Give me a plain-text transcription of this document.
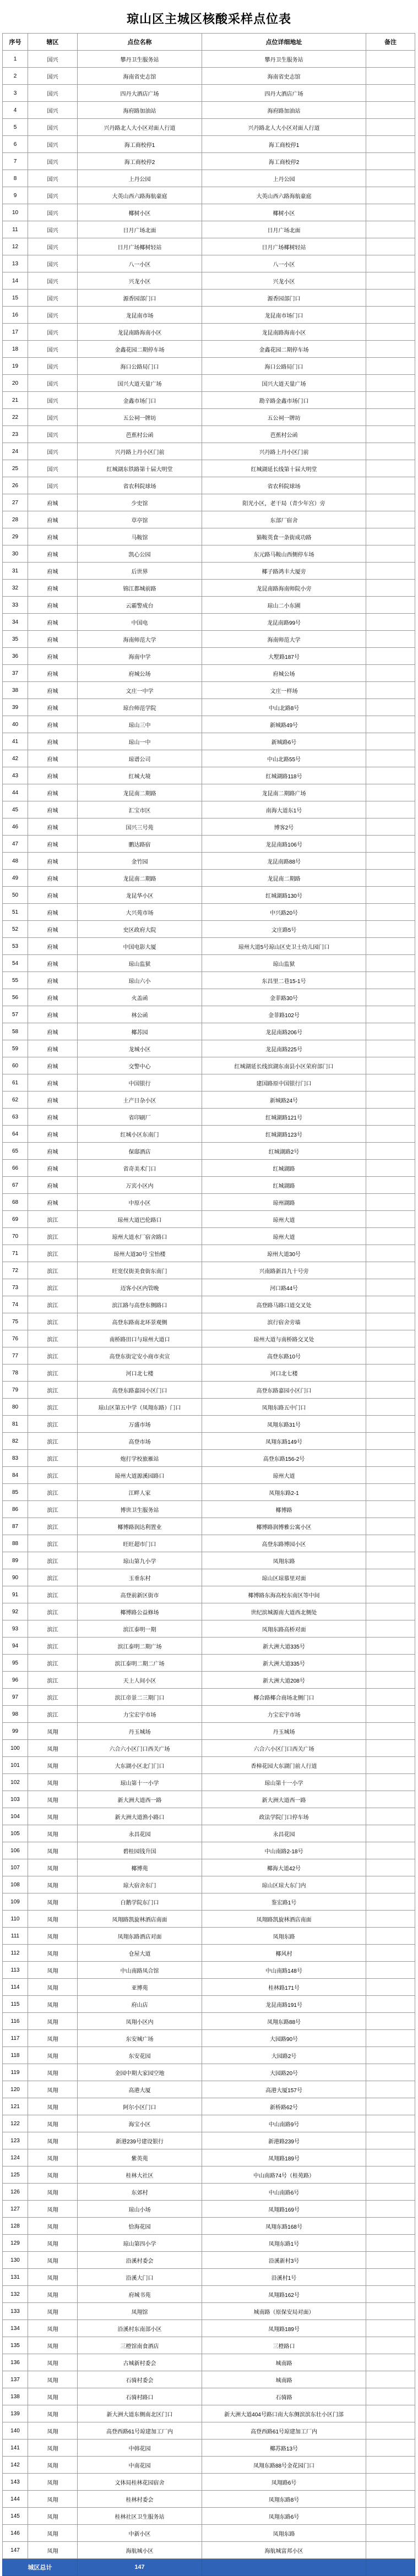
琼山区主城区核酸采样点位表
序号	辖区	点位名称	点位详细地址	备注
1	国兴	攀丹卫生服务站	攀丹卫生服务站	
2	国兴	海南省史志馆	海南省史志馆	
3	国兴	四丹大酒店广场	四丹大酒店广场	
4	国兴	海府路加油站	海府路加油站	
5	国兴	兴丹路北人大小区对面人行道	兴丹路北人大小区对面人行道	
6	国兴	海工商校停1	海工商校停1	
7	国兴	海工商校停2	海工商校停2	
8	国兴	上丹公园	上丹公园	
9	国兴	大英山西六路海航豪庭	大英山西六路海航豪庭	
10	国兴	椰树小区	椰树小区	
11	国兴	日月广场北面	日月广场北面	
12	国兴	日月广场椰树轻站	日月广场椰树轻站	
13	国兴	八一小区	八一小区	
14	国兴	兴龙小区	兴龙小区	
15	国兴	源香园部门口	源香园部门口	
16	国兴	龙昆南市场	龙昆南市场门口	
17	国兴	龙昆南路海南小区	龙昆南路海南小区	
18	国兴	金鑫花园二期停车场	金鑫花园二期停车场	
19	国兴	海口公路局门口	海口公路局门口	
20	国兴	国兴大道天量广场	国兴大道天量广场	
21	国兴	金鑫市场门口	勘辛路金鑫市场门口	
22	国兴	五公祠一牌坊	五公祠一牌坊	
23	国兴	芭蕉村公函	芭蕉村公函	
24	国兴	兴丹路上丹小区门前	兴丹路上丹小区门前	
25	国兴	红城湖东铁路第十届大明堂	红城湖延长线第十届大明堂	
26	国兴	省农科院球场	省农科院球场	
27	府城	少史馆	阳光小区，老干局（青少年宫）旁	
28	府城	草亭馆	东部厂宿舍	
29	府城	马鞍馆	猫鞍英食一条街成功路	
30	府城	凯心公园	东元路马鞍山西侧停车场	
31	府城	后世界	椰子路鸿丰大厦旁	
32	府城	锦江都城前路	龙昆南路海南师院小旁	
33	府城	云霸警成台	琼山二小东圃	
34	府城	中国电	龙昆南路99号	
35	府城	海南师范大学	海南师范大学	
36	府城	海南中学	大墅路187号	
37	府城	府城公场	府城公场	
38	府城	文庄一中学	文庄一样场	
39	府城	琼台师范学院	中山北路8号	
40	府城	琼山三中	新城路49号	
41	府城	琼山一中	新城路6号	
42	府城	琼谱公司	中山北路55号	
43	府城	红城大境	红城湖路118号	
44	府城	龙昆南二期路	龙昆南二期路广场	
45	府城	汇宝市区	南海大道东1号	
46	府城	国兴三号苑	博客2号	
47	府城	鹏达路宿	龙昆南路106号	
48	府城	金竹园	龙昆南路88号	
49	府城	龙昆南二期路	龙昆南二期路	
50	府城	龙昆华小区	红城湖路130号	
51	府城	大兴苑市场	中兴路20号	
52	府城	史区政府大院	文庄路5号	
53	府城	中国电影大厦	琼州大道5号琼山区史卫士幼儿园门口	
54	府城	琼山监狱	琼山监狱	
55	府城	琼山六小	东昌里二巷15-1号	
56	府城	火盖函	金菲路30号	
57	府城	林公函	金菲路102号	
58	府城	椰苏园	龙昆南路206号	
59	府城	龙城小区	龙昆南路225号	
60	府城	交警中心	红城湖延长线滨湖东南县小区荣府部门口	
61	府城	中国银行	建国路原中国银行门口	
62	府城	土产日杂小区	新城路24号	
63	府城	省印刷厂	红城湖路121号	
64	府城	红城小区东南门	红城湖路123号	
65	府城	保邸酒店	红城湖路2号	
66	府城	省奇美术门口	红城湖路	
67	府城	万宾小区内	红城湖路	
68	府城	中原小区	琼州湖路	
69	滨江	琼州大道巴伦路口	琼州大道	
70	滨江	琼州大道水厂宿舍路口	琼州大道	
71	滨江	琼州大道30号 宝怡楼	琼州大道30号	
72	滨江	旺宽仅街美食街东南门	兴南路新昌九十号旁	
73	滨江	迈客小区内管晚	河口路44号	
74	滨江	滨江路与高登东侧路口	高登路马路口道交叉处	
75	滨江	高登东路南北环景观侧	滨行宿舍旁墙	
76	滨江	南桥路田口与琼州大道口	琼州大道与南桥路交叉处	
77	滨江	高登东街定安小商市卖宣	高登东路10号	
78	滨江	河口北七楼	河口北七楼	
79	滨江	高登东路嘉园小区门口	高登东路嘉园小区门口	
80	滨江	琼山区第五中学（凤翔东路）门口	凤翔东路五中门口	
81	滨江	万盛市场	凤翔东路31号	
82	滨江	高登市场	凤翔东路149号	
83	滨江	炮打学校旅雁站	高登东路156-2号	
84	滨江	琼州大道源溪园路口	琼州大道	
85	滨江	江畔人家	凤翔东路2-1	
86	滨江	博世卫生服务站	椰博路	
87	滨江	椰博路润达利置业	椰博路润博雅公寓小区	
88	滨江	旺旺超市门口	高登东路博园小区	
89	滨江	琼山第九小学	凤翔东路	
90	滨江	玉垂东村	琼山区琼慕里对面	
91	滨江	高登前新区街市	椰博路东海高校东南区等中间	
92	滨江	椰博路公益修场	世纪滨城源南大道西北侧处	
93	滨江	滨江泰明一期	凤翔东路高桥对面	
94	滨江	滨江泰明二期广场	新大洲大道335号	
95	滨江	滨江泰明二期二广场	新大洲大道335号	
96	滨江	天上人间小区	新大洲大道208号	
97	滨江	滨江帝景二三期门口	椰合路椰合商场北侧门口	
98	滨江	力宝宏宇市场	力宝宏宇市场	
99	凤翔	丹玉城场	丹玉城场	
100	凤翔	六合六小区门口西关广场	六合六小区门口西关广场	
101	凤翔	大东湖小区北门门口	香樟花园大东湖门前人行道	
102	凤翔	琼山第十一小学	琼山第十一小学	
103	凤翔	新大洲大道西一路	新大洲大道西一路	
104	凤翔	新大洲大道渔小路口	政法学院门口停车场	
105	凤翔	永昌花园	永昌花园	
106	凤翔	碧桂园钱升国	中山南路2-18号	
107	凤翔	椰博苑	椰海大道42号	
108	凤翔	琼大宿舍东门	琼山区琼大东门内	
109	凤翔	白鹅学院东门口	鉴宏路1号	
110	凤翔	凤翔路凯旋林酒店南面	凤翔路凯旋林酒店南面	
111	凤翔	凤翔东路酒店对面	凤翔东路	
112	凤翔	仓屋大道	椰风村	
113	凤翔	中山南路凤合馆	中山南路148号	
114	凤翔	亚博苑	桂林路171号	
115	凤翔	府山店	龙昆南路191号	
116	凤翔	凤翔小区内	凤翔东路88号	
117	凤翔	东安城广场	大园路90号	
118	凤翔	东安花园	大园路2号	
119	凤翔	金园中期大家园空地	大园路20号	
120	凤翔	高港大厦	高港大厦157号	
121	凤翔	阿尔小区门口	新桥路62号	
122	凤翔	海宝小区	中山南路9号	
123	凤翔	新港239号建设银行	新港路239号	
124	凤翔	紫英苑	凤翔路189号	
125	凤翔	桂林大社区	中山南路74号（桂苑路）	
126	凤翔	东郊村	中山南路6号	
127	凤翔	琼山小场	凤翔路169号	
128	凤翔	恰海花园	凤翔东路168号	
129	凤翔	琼山第四小学	凤翔东路1号	
130	凤翔	沿溪村委会	沿溪新村3号	
131	凤翔	沿溪大门口	沿溪村1号	
132	凤翔	府城书苑	凤翔路162号	
133	凤翔	凤翔馆	城南路（原保安局对面）	
134	凤翔	沿溪村东南部小区	凤翔路189号	
135	凤翔	三橙馆南食酒店	三橙路口	
136	凤翔	古城新村委会	城南路	
137	凤翔	石骑村委会	城南路	
138	凤翔	石骑村路口	石骑路	
139	凤翔	新大洲大道东侧南北区门口	新大洲大道404号路口南大东侧滨滨东壮小区门部	
140	凤翔	高登西路61号琼建加工厂内	高登西路61号琼建加工厂内	
141	凤翔	中韩花园	椰苏路13号	
142	凤翔	中南花园	凤翔东路88号金花园门口	
143	凤翔	文体局桂林花园宿舍	凤翔路6号	
144	凤翔	桂林村委会	凤翔东路8号	
145	凤翔	桂林社区卫生服务站	凤翔东路6号	
146	凤翔	中新小区	凤翔东路	
147	凤翔	海航城小区	海航城富邦小区	
城区总计		147		
